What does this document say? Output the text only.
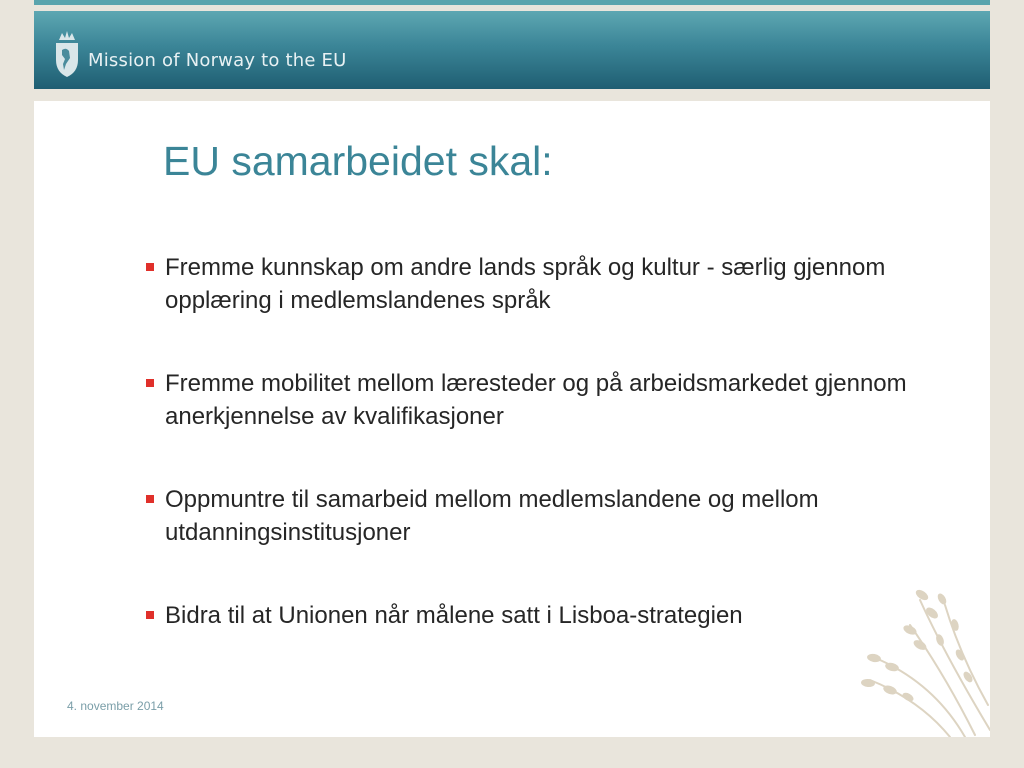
Mission of Norway to the EU
EU samarbeidet skal:
Fremme kunnskap om andre lands språk og kultur - særlig gjennom opplæring i medlemslandenes språk
Fremme mobilitet mellom læresteder og på arbeidsmarkedet gjennom anerkjennelse av kvalifikasjoner
Oppmuntre til samarbeid mellom medlemslandene og mellom utdanningsinstitusjoner
Bidra til at Unionen når målene satt i Lisboa-strategien
4. november 2014
